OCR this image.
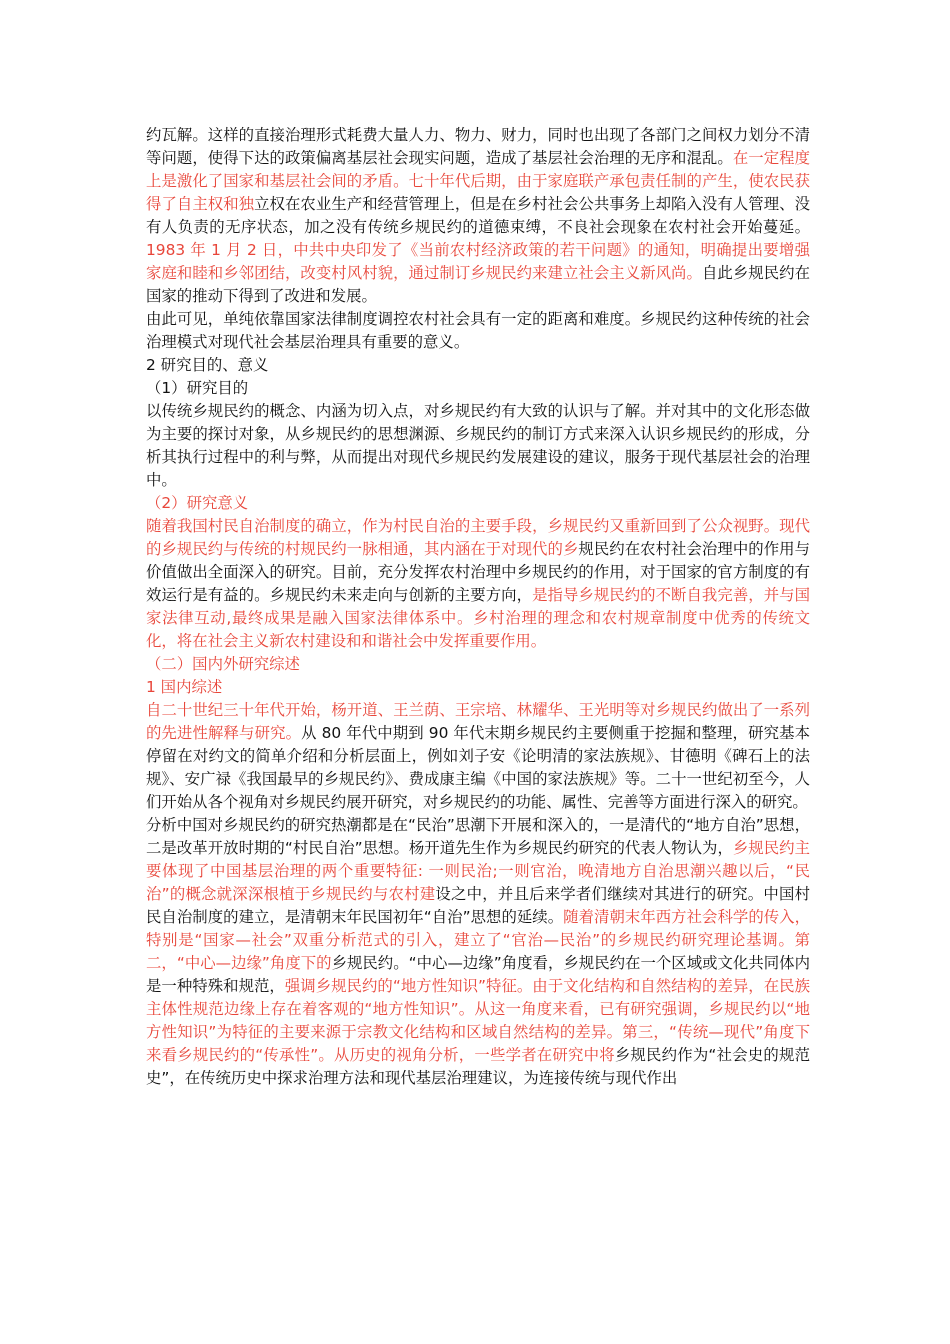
约瓦解。这样的直接治理形式耗费大量人力、物力、财力，同时也出现了各部门之间权力划分不清等问题，使得下达的政策偏离基层社会现实问题，造成了基层社会治理的无序和混乱。在一定程度上是激化了国家和基层社会间的矛盾。七十年代后期，由于家庭联产承包责任制的产生，使农民获得了自主权和独立权在农业生产和经营管理上，但是在乡村社会公共事务上却陷入没有人管理、没有人负责的无序状态，加之没有传统乡规民约的道德束缚，不良社会现象在农村社会开始蔓延。1983 年 1 月 2 日，中共中央印发了《当前农村经济政策的若干问题》的通知，明确提出要增强家庭和睦和乡邻团结，改变村风村貌，通过制订乡规民约来建立社会主义新风尚。自此乡规民约在国家的推动下得到了改进和发展。

由此可见，单纯依靠国家法律制度调控农村社会具有一定的距离和难度。乡规民约这种传统的社会治理模式对现代社会基层治理具有重要的意义。

2 研究目的、意义

（1）研究目的

以传统乡规民约的概念、内涵为切入点，对乡规民约有大致的认识与了解。并对其中的文化形态做为主要的探讨对象，从乡规民约的思想渊源、乡规民约的制订方式来深入认识乡规民约的形成，分析其执行过程中的利与弊，从而提出对现代乡规民约发展建设的建议，服务于现代基层社会的治理中。

（2）研究意义

随着我国村民自治制度的确立，作为村民自治的主要手段，乡规民约又重新回到了公众视野。现代的乡规民约与传统的村规民约一脉相通，其内涵在于对现代的乡规民约在农村社会治理中的作用与价值做出全面深入的研究。目前，充分发挥农村治理中乡规民约的作用，对于国家的官方制度的有效运行是有益的。乡规民约未来走向与创新的主要方向，是指导乡规民约的不断自我完善，并与国家法律互动,最终成果是融入国家法律体系中。乡村治理的理念和农村规章制度中优秀的传统文化，将在社会主义新农村建设和和谐社会中发挥重要作用。

（二）国内外研究综述

1 国内综述

自二十世纪三十年代开始，杨开道、王兰荫、王宗培、林耀华、王光明等对乡规民约做出了一系列的先进性解释与研究。从 80 年代中期到 90 年代末期乡规民约主要侧重于挖掘和整理，研究基本停留在对约文的简单介绍和分析层面上，例如刘子安《论明清的家法族规》、甘德明《碑石上的法规》、安广禄《我国最早的乡规民约》、费成康主编《中国的家法族规》等。二十一世纪初至今，人们开始从各个视角对乡规民约展开研究，对乡规民约的功能、属性、完善等方面进行深入的研究。

分析中国对乡规民约的研究热潮都是在“民治”思潮下开展和深入的，一是清代的“地方自治”思想，二是改革开放时期的“村民自治”思想。杨开道先生作为乡规民约研究的代表人物认为，乡规民约主要体现了中国基层治理的两个重要特征: 一则民治;一则官治，晚清地方自治思潮兴趣以后，“民治”的概念就深深根植于乡规民约与农村建设之中，并且后来学者们继续对其进行的研究。中国村民自治制度的建立，是清朝末年民国初年“自治”思想的延续。随着清朝末年西方社会科学的传入，特别是“国家—社会”双重分析范式的引入，建立了“官治—民治”的乡规民约研究理论基调。第二，“中心—边缘”角度下的乡规民约。“中心—边缘”角度看，乡规民约在一个区域或文化共同体内是一种特殊和规范，强调乡规民约的“地方性知识”特征。由于文化结构和自然结构的差异，在民族主体性规范边缘上存在着客观的“地方性知识”。从这一角度来看，已有研究强调，乡规民约以“地方性知识”为特征的主要来源于宗教文化结构和区域自然结构的差异。第三，“传统—现代”角度下来看乡规民约的“传承性”。从历史的视角分析，一些学者在研究中将乡规民约作为“社会史的规范史”，在传统历史中探求治理方法和现代基层治理建议，为连接传统与现代作出
